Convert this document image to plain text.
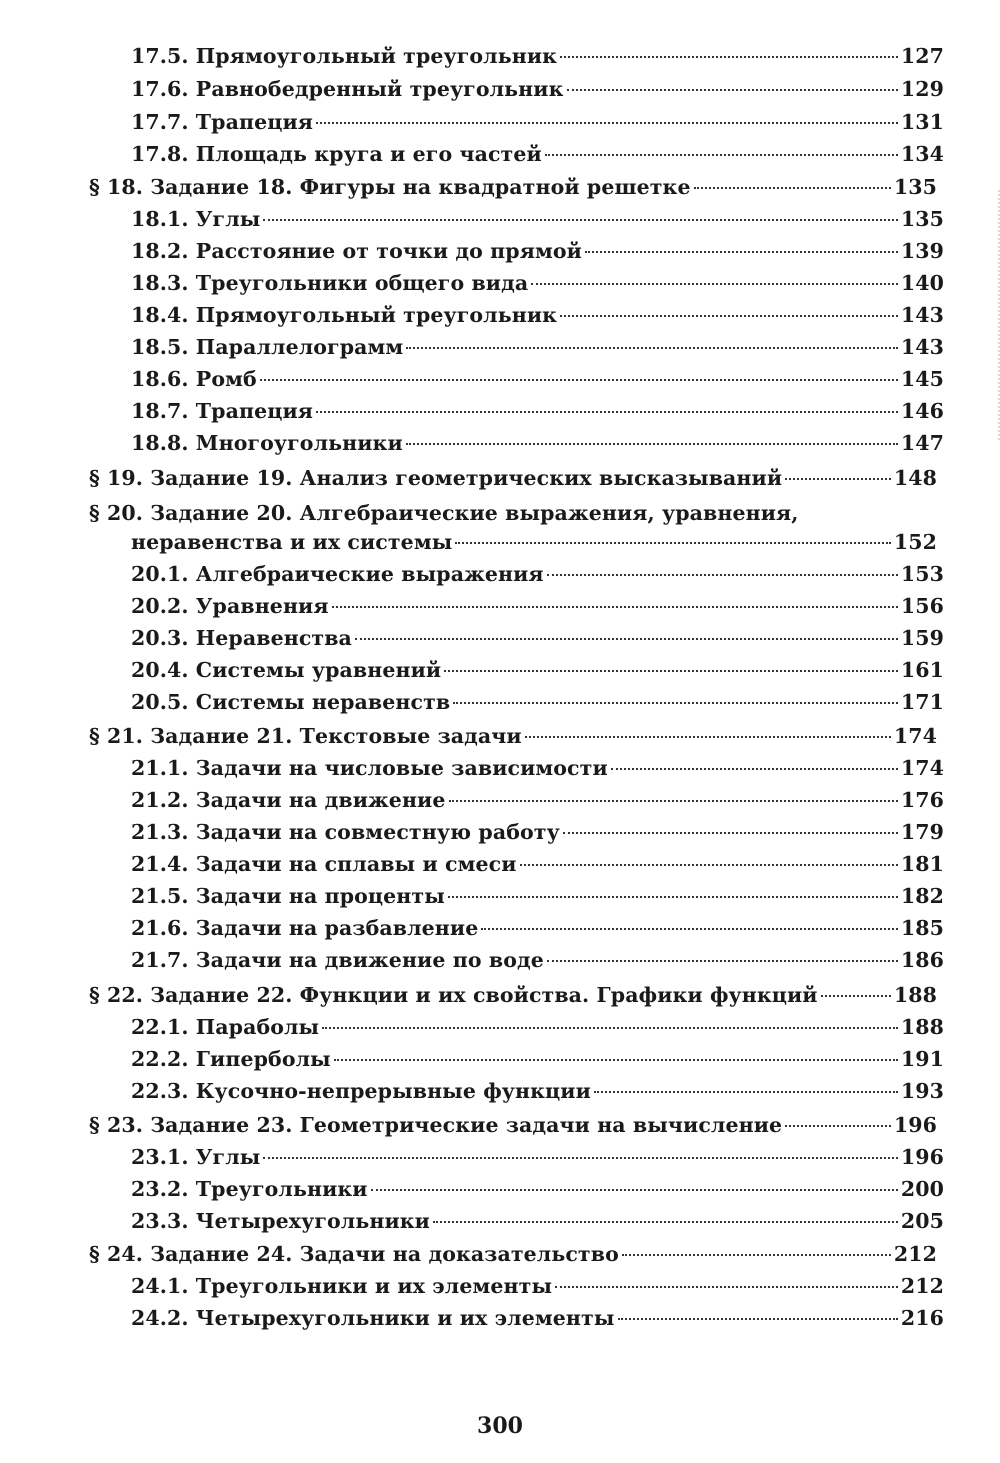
17.5. Прямоугольный треугольник	127
17.6. Равнобедренный треугольник	129
17.7. Трапеция	131
17.8. Площадь круга и его частей	134
§ 18. Задание 18. Фигуры на квадратной решетке	135
18.1. Углы	135
18.2. Расстояние от точки до прямой	139
18.3. Треугольники общего вида	140
18.4. Прямоугольный треугольник	143
18.5. Параллелограмм	143
18.6. Ромб	145
18.7. Трапеция	146
18.8. Многоугольники	147
§ 19. Задание 19. Анализ геометрических высказываний	148
§ 20. Задание 20. Алгебраические выражения, уравнения,
неравенства и их системы	152
20.1. Алгебраические выражения	153
20.2. Уравнения	156
20.3. Неравенства	159
20.4. Системы уравнений	161
20.5. Системы неравенств	171
§ 21. Задание 21. Текстовые задачи	174
21.1. Задачи на числовые зависимости	174
21.2. Задачи на движение	176
21.3. Задачи на совместную работу	179
21.4. Задачи на сплавы и смеси	181
21.5. Задачи на проценты	182
21.6. Задачи на разбавление	185
21.7. Задачи на движение по воде	186
§ 22. Задание 22. Функции и их свойства. Графики функций	188
22.1. Параболы	188
22.2. Гиперболы	191
22.3. Кусочно-непрерывные функции	193
§ 23. Задание 23. Геометрические задачи на вычисление	196
23.1. Углы	196
23.2. Треугольники	200
23.3. Четырехугольники	205
§ 24. Задание 24. Задачи на доказательство	212
24.1. Треугольники и их элементы	212
24.2. Четырехугольники и их элементы	216
300
